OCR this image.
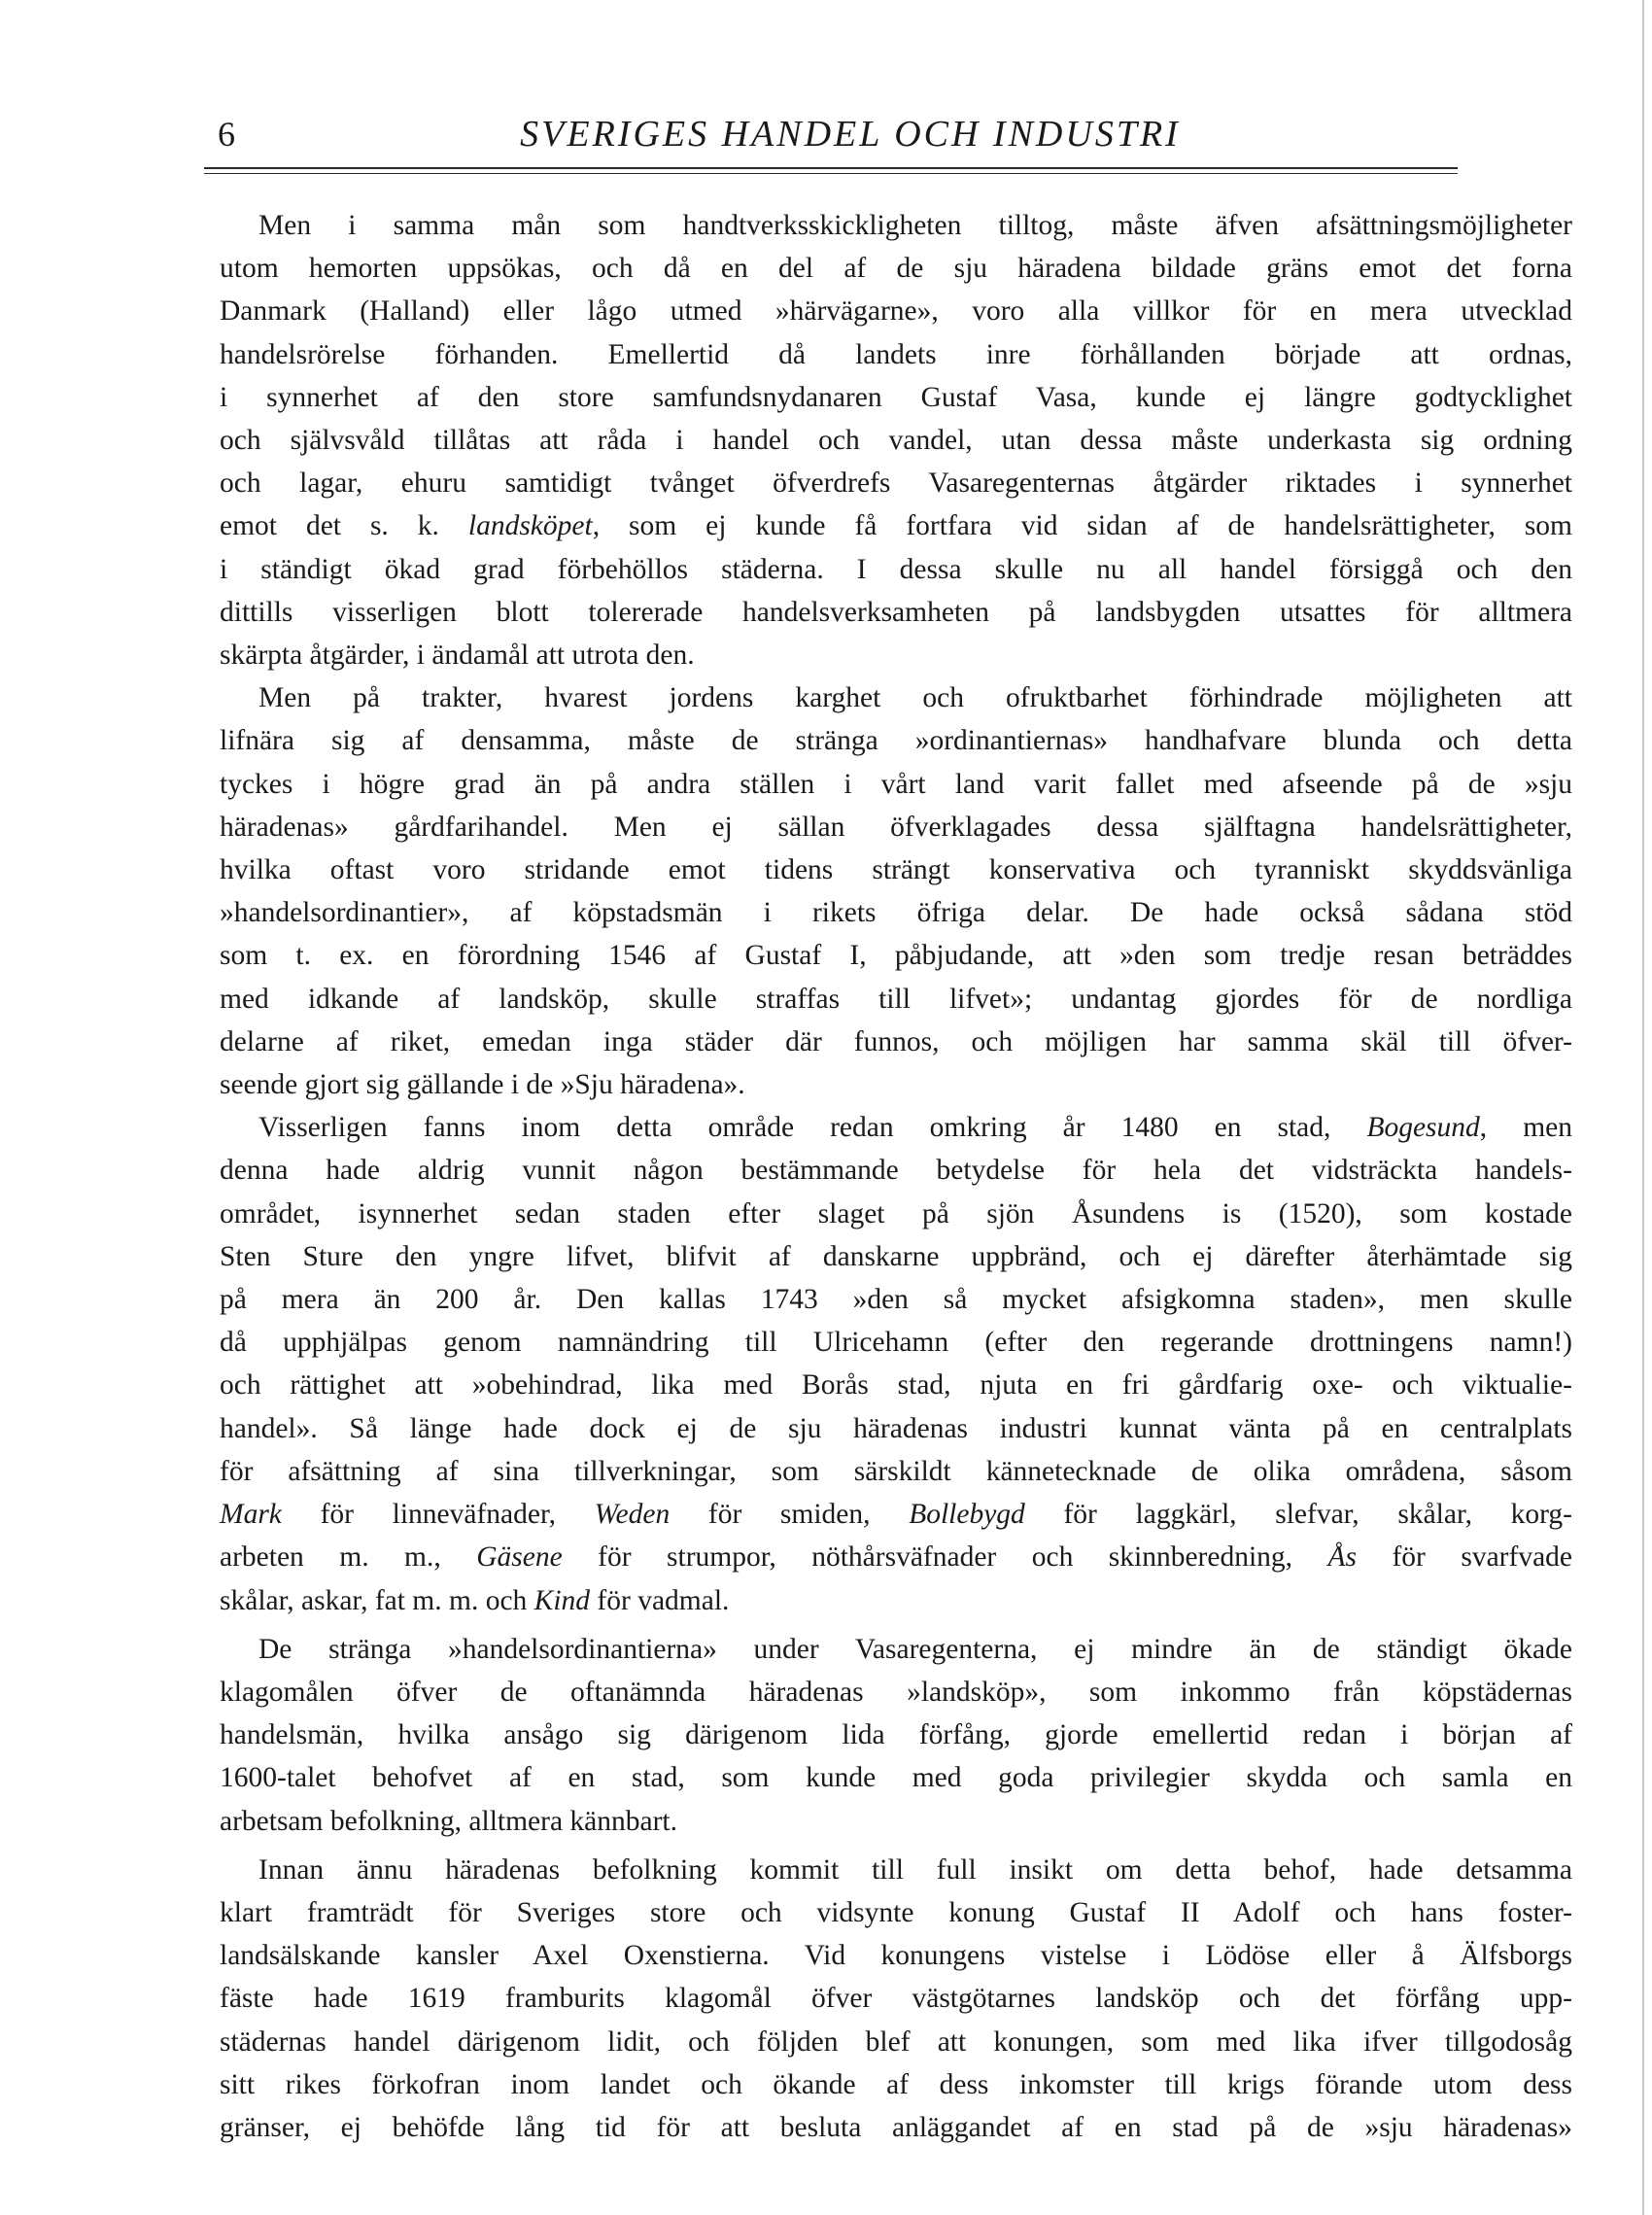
6	SVERIGES HANDEL OCH INDUSTRI
Men i samma mån som handtverksskickligheten tilltog, måste äfven afsättningsmöjligheter
utom hemorten uppsökas, och då en del af de sju häradena bildade gräns emot det forna
Danmark (Halland) eller lågo utmed »härvägarne», voro alla villkor för en mera utvecklad
handelsrörelse förhanden. Emellertid då landets inre förhållanden började att ordnas,
i synnerhet af den store samfundsnydanaren Gustaf Vasa, kunde ej längre godtycklighet
och självsvåld tillåtas att råda i handel och vandel, utan dessa måste underkasta sig ordning
och lagar, ehuru samtidigt tvånget öfverdrefs Vasaregenternas åtgärder riktades i synnerhet
emot det s. k. landsköpet, som ej kunde få fortfara vid sidan af de handelsrättigheter, som
i ständigt ökad grad förbehöllos städerna. I dessa skulle nu all handel försiggå och den
dittills visserligen blott tolererade handelsverksamheten på landsbygden utsattes för alltmera
skärpta åtgärder, i ändamål att utrota den.
Men på trakter, hvarest jordens karghet och ofruktbarhet förhindrade möjligheten att
lifnära sig af densamma, måste de stränga »ordinantiernas» handhafvare blunda och detta
tyckes i högre grad än på andra ställen i vårt land varit fallet med afseende på de »sju
häradenas» gårdfarihandel. Men ej sällan öfverklagades dessa själftagna handelsrättigheter,
hvilka oftast voro stridande emot tidens strängt konservativa och tyranniskt skyddsvänliga
»handelsordinantier», af köpstadsmän i rikets öfriga delar. De hade också sådana stöd
som t. ex. en förordning 1546 af Gustaf I, påbjudande, att »den som tredje resan beträddes
med idkande af landsköp, skulle straffas till lifvet»; undantag gjordes för de nordliga
delarne af riket, emedan inga städer där funnos, och möjligen har samma skäl till öfver-
seende gjort sig gällande i de »Sju häradena».
Visserligen fanns inom detta område redan omkring år 1480 en stad, Bogesund, men
denna hade aldrig vunnit någon bestämmande betydelse för hela det vidsträckta handels-
området, isynnerhet sedan staden efter slaget på sjön Åsundens is (1520), som kostade
Sten Sture den yngre lifvet, blifvit af danskarne uppbränd, och ej därefter återhämtade sig
på mera än 200 år. Den kallas 1743 »den så mycket afsigkomna staden», men skulle
då upphjälpas genom namnändring till Ulricehamn (efter den regerande drottningens namn!)
och rättighet att »obehindrad, lika med Borås stad, njuta en fri gårdfarig oxe- och viktualie-
handel». Så länge hade dock ej de sju häradenas industri kunnat vänta på en centralplats
för afsättning af sina tillverkningar, som särskildt kännetecknade de olika områdena, såsom
Mark för linneväfnader, Weden för smiden, Bollebygd för laggkärl, slefvar, skålar, korg-
arbeten m. m., Gäsene för strumpor, nöthårsväfnader och skinnberedning, Ås för svarfvade
skålar, askar, fat m. m. och Kind för vadmal.
De stränga »handelsordinantierna» under Vasaregenterna, ej mindre än de ständigt ökade
klagomålen öfver de oftanämnda häradenas »landsköp», som inkommo från köpstädernas
handelsmän, hvilka ansågo sig därigenom lida förfång, gjorde emellertid redan i början af
1600-talet behofvet af en stad, som kunde med goda privilegier skydda och samla en
arbetsam befolkning, alltmera kännbart.
Innan ännu häradenas befolkning kommit till full insikt om detta behof, hade detsamma
klart framträdt för Sveriges store och vidsynte konung Gustaf II Adolf och hans foster-
landsälskande kansler Axel Oxenstierna. Vid konungens vistelse i Lödöse eller å Älfsborgs
fäste hade 1619 framburits klagomål öfver västgötarnes landsköp och det förfång upp-
städernas handel därigenom lidit, och följden blef att konungen, som med lika ifver tillgodosåg
sitt rikes förkofran inom landet och ökande af dess inkomster till krigs förande utom dess
gränser, ej behöfde lång tid för att besluta anläggandet af en stad på de »sju häradenas»
